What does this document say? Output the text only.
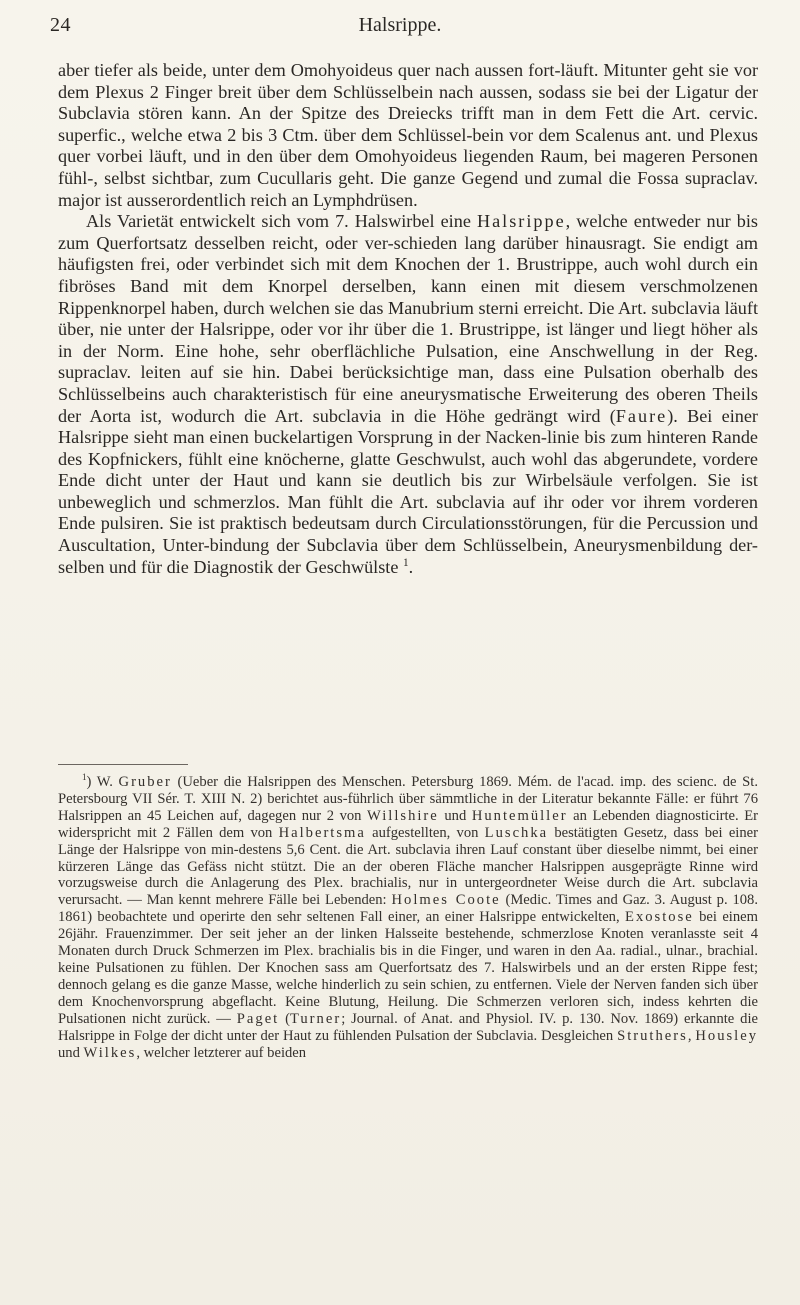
24	Halsrippe.

aber tiefer als beide, unter dem Omohyoideus quer nach aussen fort-läuft. Mitunter geht sie vor dem Plexus 2 Finger breit über dem Schlüsselbein nach aussen, sodass sie bei der Ligatur der Subclavia stören kann. An der Spitze des Dreiecks trifft man in dem Fett die Art. cervic. superfic., welche etwa 2 bis 3 Ctm. über dem Schlüssel-bein vor dem Scalenus ant. und Plexus quer vorbei läuft, und in den über dem Omohyoideus liegenden Raum, bei mageren Personen fühl-, selbst sichtbar, zum Cucullaris geht. Die ganze Gegend und zumal die Fossa supraclav. major ist ausserordentlich reich an Lymphdrüsen.

Als Varietät entwickelt sich vom 7. Halswirbel eine Halsrippe, welche entweder nur bis zum Querfortsatz desselben reicht, oder ver-schieden lang darüber hinausragt. Sie endigt am häufigsten frei, oder verbindet sich mit dem Knochen der 1. Brustrippe, auch wohl durch ein fibröses Band mit dem Knorpel derselben, kann einen mit diesem verschmolzenen Rippenknorpel haben, durch welchen sie das Manubrium sterni erreicht. Die Art. subclavia läuft über, nie unter der Halsrippe, oder vor ihr über die 1. Brustrippe, ist länger und liegt höher als in der Norm. Eine hohe, sehr oberflächliche Pulsation, eine Anschwellung in der Reg. supraclav. leiten auf sie hin. Dabei berücksichtige man, dass eine Pulsation oberhalb des Schlüsselbeins auch charakteristisch für eine aneurysmatische Erweiterung des oberen Theils der Aorta ist, wodurch die Art. subclavia in die Höhe gedrängt wird (Faure). Bei einer Halsrippe sieht man einen buckelartigen Vorsprung in der Nacken-linie bis zum hinteren Rande des Kopfnickers, fühlt eine knöcherne, glatte Geschwulst, auch wohl das abgerundete, vordere Ende dicht unter der Haut und kann sie deutlich bis zur Wirbelsäule verfolgen. Sie ist unbeweglich und schmerzlos. Man fühlt die Art. subclavia auf ihr oder vor ihrem vorderen Ende pulsiren. Sie ist praktisch bedeutsam durch Circulationsstörungen, für die Percussion und Auscultation, Unter-bindung der Subclavia über dem Schlüsselbein, Aneurysmenbildung der-selben und für die Diagnostik der Geschwülste $^1$.

$^1$) W. Gruber (Ueber die Halsrippen des Menschen. Petersburg 1869. Mém. de l'acad. imp. des scienc. de St. Petersbourg VII Sér. T. XIII N. 2) berichtet aus-führlich über sämmtliche in der Literatur bekannte Fälle: er führt 76 Halsrippen an 45 Leichen auf, dagegen nur 2 von Willshire und Huntemüller an Lebenden diagnosticirte. Er widerspricht mit 2 Fällen dem von Halbertsma aufgestellten, von Luschka bestätigten Gesetz, dass bei einer Länge der Halsrippe von min-destens 5,6 Cent. die Art. subclavia ihren Lauf constant über dieselbe nimmt, bei einer kürzeren Länge das Gefäss nicht stützt. Die an der oberen Fläche mancher Halsrippen ausgeprägte Rinne wird vorzugsweise durch die Anlagerung des Plex. brachialis, nur in untergeordneter Weise durch die Art. subclavia verursacht. — Man kennt mehrere Fälle bei Lebenden: Holmes Coote (Medic. Times and Gaz. 3. August p. 108. 1861) beobachtete und operirte den sehr seltenen Fall einer, an einer Halsrippe entwickelten, Exostose bei einem 26jähr. Frauenzimmer. Der seit jeher an der linken Halsseite bestehende, schmerzlose Knoten veranlasste seit 4 Monaten durch Druck Schmerzen im Plex. brachialis bis in die Finger, und waren in den Aa. radial., ulnar., brachial. keine Pulsationen zu fühlen. Der Knochen sass am Querfortsatz des 7. Halswirbels und an der ersten Rippe fest; dennoch gelang es die ganze Masse, welche hinderlich zu sein schien, zu entfernen. Viele der Nerven fanden sich über dem Knochenvorsprung abgeflacht. Keine Blutung, Heilung. Die Schmerzen verloren sich, indess kehrten die Pulsationen nicht zurück. — Paget (Turner; Journal. of Anat. and Physiol. IV. p. 130. Nov. 1869) erkannte die Halsrippe in Folge der dicht unter der Haut zu fühlenden Pulsation der Subclavia. Desgleichen Struthers, Housley und Wilkes, welcher letzterer auf beiden
